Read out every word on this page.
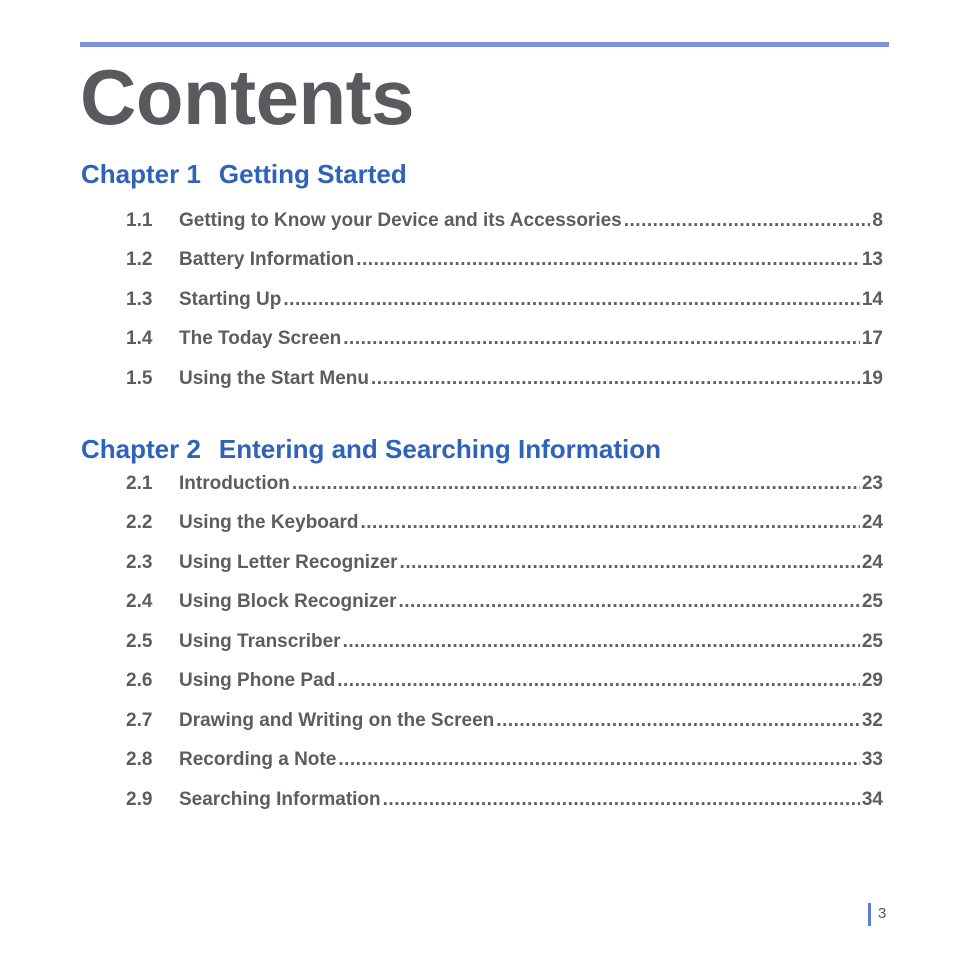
Contents
Chapter 1 Getting Started
1.1	Getting to Know your Device and its Accessories .....	8
1.2	Battery Information .....	13
1.3	Starting Up .....	14
1.4	The Today Screen .....	17
1.5	Using the Start Menu .....	19
Chapter 2 Entering and Searching Information
2.1	Introduction .....	23
2.2	Using the Keyboard .....	24
2.3	Using Letter Recognizer .....	24
2.4	Using Block Recognizer .....	25
2.5	Using Transcriber .....	25
2.6	Using Phone Pad .....	29
2.7	Drawing and Writing on the Screen .....	32
2.8	Recording a Note .....	33
2.9	Searching Information .....	34
3
